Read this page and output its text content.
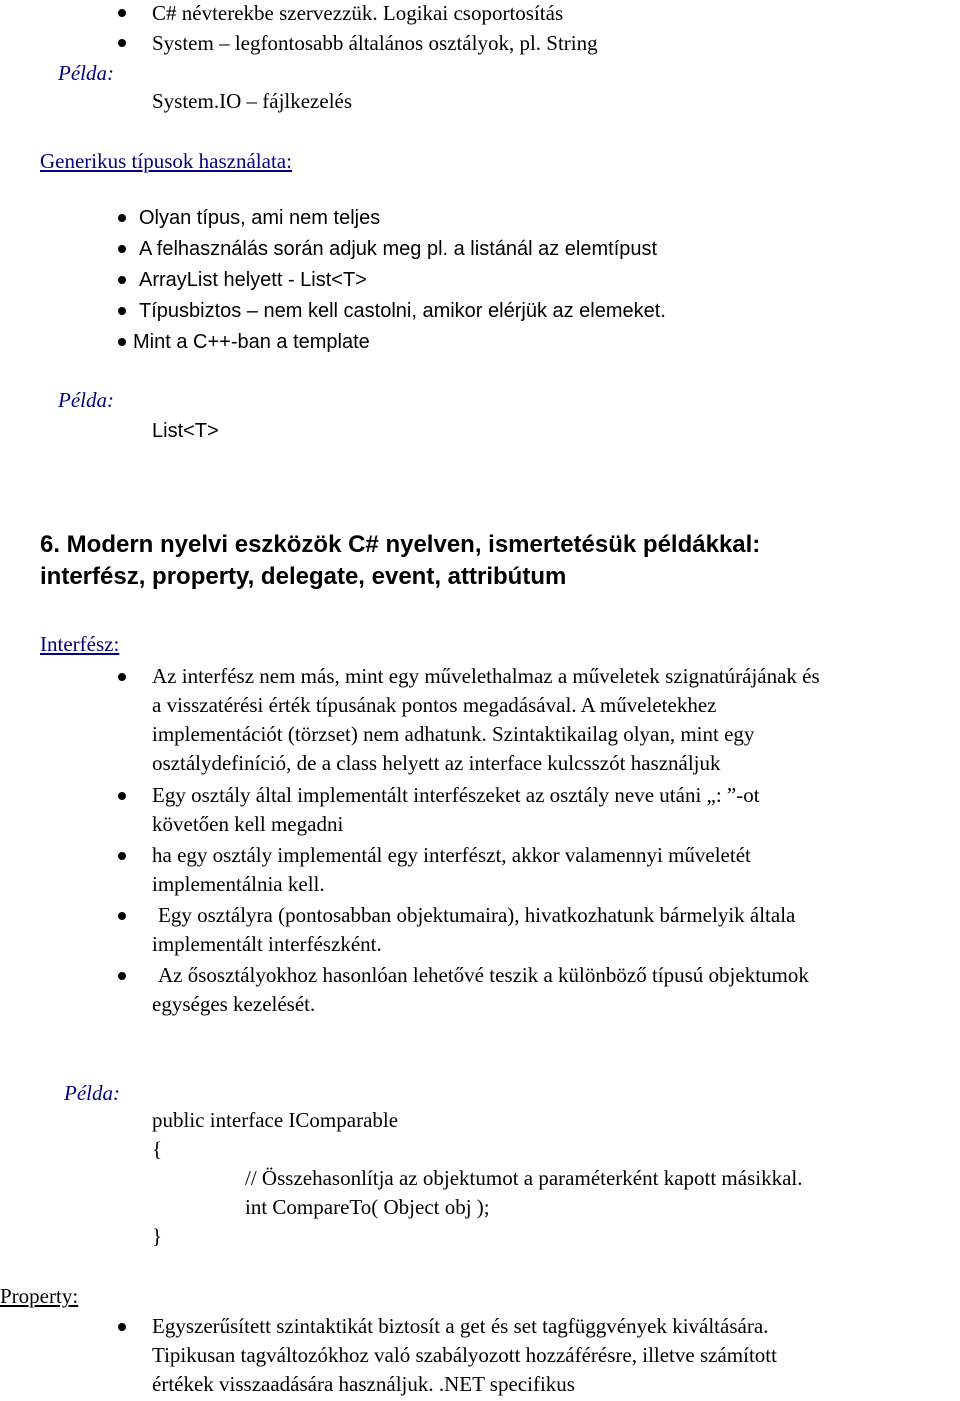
C# névterekbe szervezzük. Logikai csoportosítás
System – legfontosabb általános osztályok, pl. String
Példa:
System.IO – fájlkezelés
Generikus típusok használata:
Olyan típus, ami nem teljes
A felhasználás során adjuk meg pl. a listánál az elemtípust
ArrayList helyett - List<T>
Típusbiztos – nem kell castolni, amikor elérjük az elemeket.
Mint a C++-ban a template
Példa:
List<T>
6. Modern nyelvi eszközök C# nyelven, ismertetésük példákkal:
interfész, property, delegate, event, attribútum
Interfész:
Az interfész nem más, mint egy művelethalmaz a műveletek szignatúrájának és
a visszatérési érték típusának pontos megadásával. A műveletekhez
implementációt (törzset) nem adhatunk. Szintaktikailag olyan, mint egy
osztálydefiníció, de a class helyett az interface kulcsszót használjuk
Egy osztály által implementált interfészeket az osztály neve utáni „: ”-ot
követően kell megadni
ha egy osztály implementál egy interfészt, akkor valamennyi műveletét
implementálnia kell.
Egy osztályra (pontosabban objektumaira), hivatkozhatunk bármelyik általa
implementált interfészként.
Az ősosztályokhoz hasonlóan lehetővé teszik a különböző típusú objektumok
egységes kezelését.
Példa:
public interface IComparable
{
// Összehasonlítja az objektumot a paraméterként kapott másikkal.
int CompareTo( Object obj );
}
Property:
Egyszerűsített szintaktikát biztosít a get és set tagfüggvények kiváltására.
Tipikusan tagváltozókhoz való szabályozott hozzáférésre, illetve számított
értékek visszaadására használjuk. .NET specifikus
